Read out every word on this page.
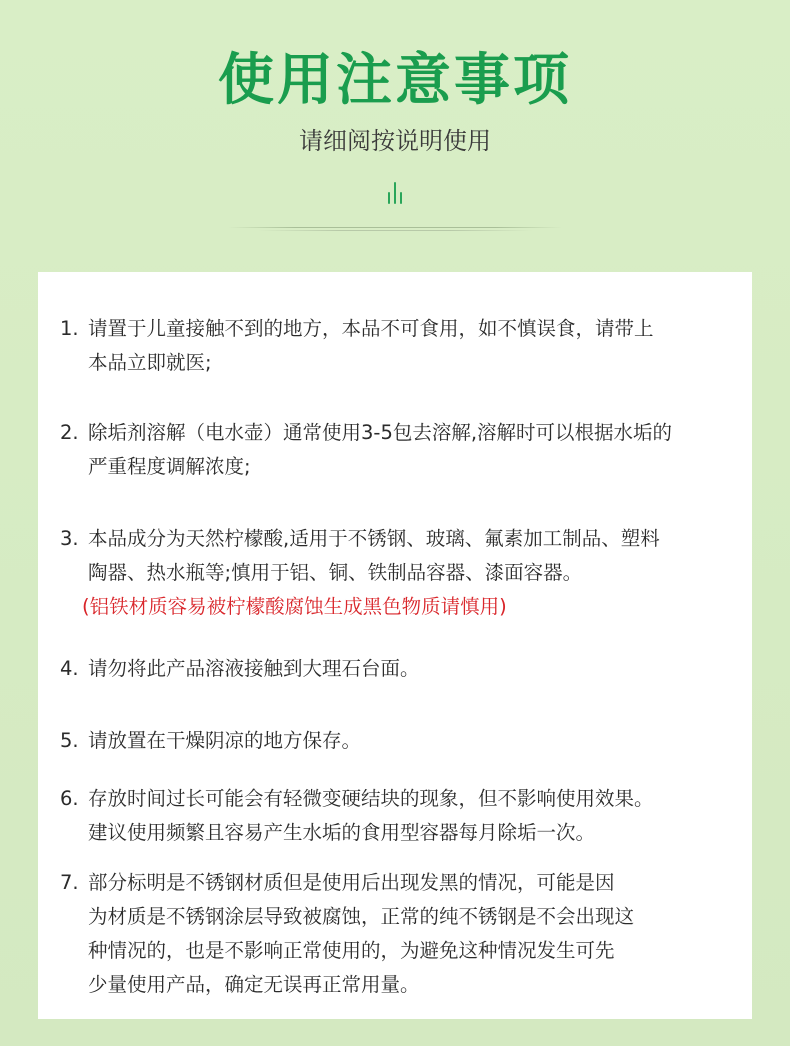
使用注意事项
请细阅按说明使用
1. 请置于儿童接触不到的地方，本品不可食用，如不慎误食，请带上
本品立即就医;
2. 除垢剂溶解（电水壶）通常使用3-5包去溶解,溶解时可以根据水垢的
严重程度调解浓度;
3. 本品成分为天然柠檬酸,适用于不锈钢、玻璃、氟素加工制品、塑料
陶器、热水瓶等;慎用于铝、铜、铁制品容器、漆面容器。
(铝铁材质容易被柠檬酸腐蚀生成黑色物质请慎用)
4. 请勿将此产品溶液接触到大理石台面。
5. 请放置在干燥阴凉的地方保存。
6. 存放时间过长可能会有轻微变硬结块的现象，但不影响使用效果。
建议使用频繁且容易产生水垢的食用型容器每月除垢一次。
7. 部分标明是不锈钢材质但是使用后出现发黑的情况，可能是因
为材质是不锈钢涂层导致被腐蚀，正常的纯不锈钢是不会出现这
种情况的，也是不影响正常使用的，为避免这种情况发生可先
少量使用产品，确定无误再正常用量。
